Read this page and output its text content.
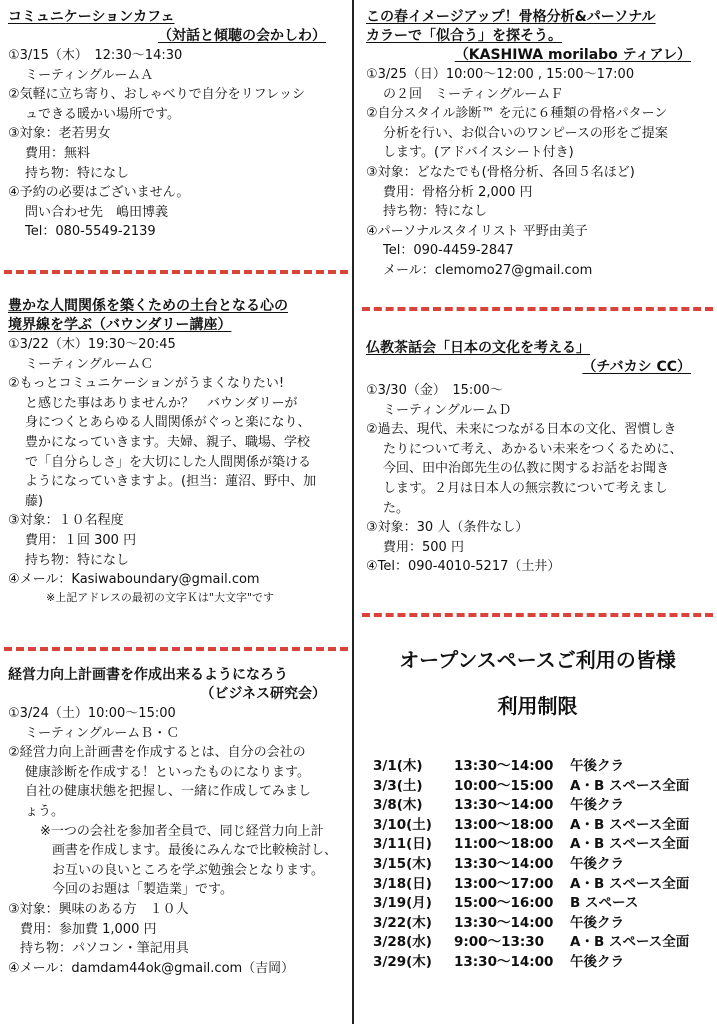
コミュニケーションカフェ
（対話と傾聴の会かしわ）
①3/15（木）　12:30～14:30
ミーティングルームＡ
②気軽に立ち寄り、おしゃべりで自分をリフレッシ
ュできる暖かい場所です。
③対象：老若男女
費用：無料
持ち物：特になし
④予約の必要はございません。
問い合わせ先　嶋田博義
Tel：080-5549-2139
豊かな人間関係を築くための土台となる心の
境界線を学ぶ（バウンダリー講座）
①3/22（木）19:30～20:45
ミーティングルームＣ
②もっとコミュニケーションがうまくなりたい!
と感じた事はありませんか？　バウンダリーが
身につくとあらゆる人間関係がぐっと楽になり、
豊かになっていきます。夫婦、親子、職場、学校
で「自分らしさ」を大切にした人間関係が築ける
ようになっていきますよ。(担当：蓮沼、野中、加
藤)
③対象：１０名程度
費用：１回 300 円
持ち物：特になし
④メール：Kasiwaboundary@gmail.com
※上記アドレスの最初の文字Ｋは"大文字"です
経営力向上計画書を作成出来るようになろう
（ビジネス研究会）
①3/24（土）10:00～15:00
ミーティングルームＢ・Ｃ
②経営力向上計画書を作成するとは、自分の会社の
健康診断を作成する！といったものになります。
自社の健康状態を把握し、一緒に作成してみまし
ょう。
※一つの会社を参加者全員で、同じ経営力向上計
画書を作成します。最後にみんなで比較検討し、
お互いの良いところを学ぶ勉強会となります。
今回のお題は「製造業」です。
③対象：興味のある方　１０人
費用：参加費 1,000 円
持ち物：パソコン・筆記用具
④メール：damdam44ok@gmail.com（吉岡）
この春イメージアップ！骨格分析&パーソナル
カラーで「似合う」を探そう。
（KASHIWA morilabo ティアレ）
①3/25（日）10:00～12:00 , 15:00～17:00
の２回　ミーティングルームＦ
②自分スタイル診断™ を元に６種類の骨格パターン
分析を行い、お似合いのワンピースの形をご提案
します。(アドバイスシート付き)
③対象：どなたでも(骨格分析、各回５名ほど)
費用：骨格分析 2,000 円
持ち物：特になし
④パーソナルスタイリスト 平野由美子
Tel：090-4459-2847
メール：clemomo27@gmail.com
仏教茶話会「日本の文化を考える」
（チバカシ CC）
①3/30（金）　15:00～
ミーティングルームＤ
②過去、現代、未来につながる日本の文化、習慣しき
たりについて考え、あかるい未来をつくるために、
今回、田中治郎先生の仏教に関するお話をお聞き
します。２月は日本人の無宗教について考えまし
た。
③対象：30 人（条件なし）
費用：500 円
④Tel：090-4010-5217（土井）
オープンスペースご利用の皆様
利用制限
3/1(木) 13:30～14:00 午後クラ
3/3(土) 10:00～15:00 A・B スペース全面
3/8(木) 13:30～14:00 午後クラ
3/10(土) 13:00～18:00 A・B スペース全面
3/11(日) 11:00～18:00 A・B スペース全面
3/15(木) 13:30～14:00 午後クラ
3/18(日) 13:00～17:00 A・B スペース全面
3/19(月) 15:00～16:00 B スペース
3/22(木) 13:30～14:00 午後クラ
3/28(水) 9:00～13:30 A・B スペース全面
3/29(木) 13:30～14:00 午後クラ
